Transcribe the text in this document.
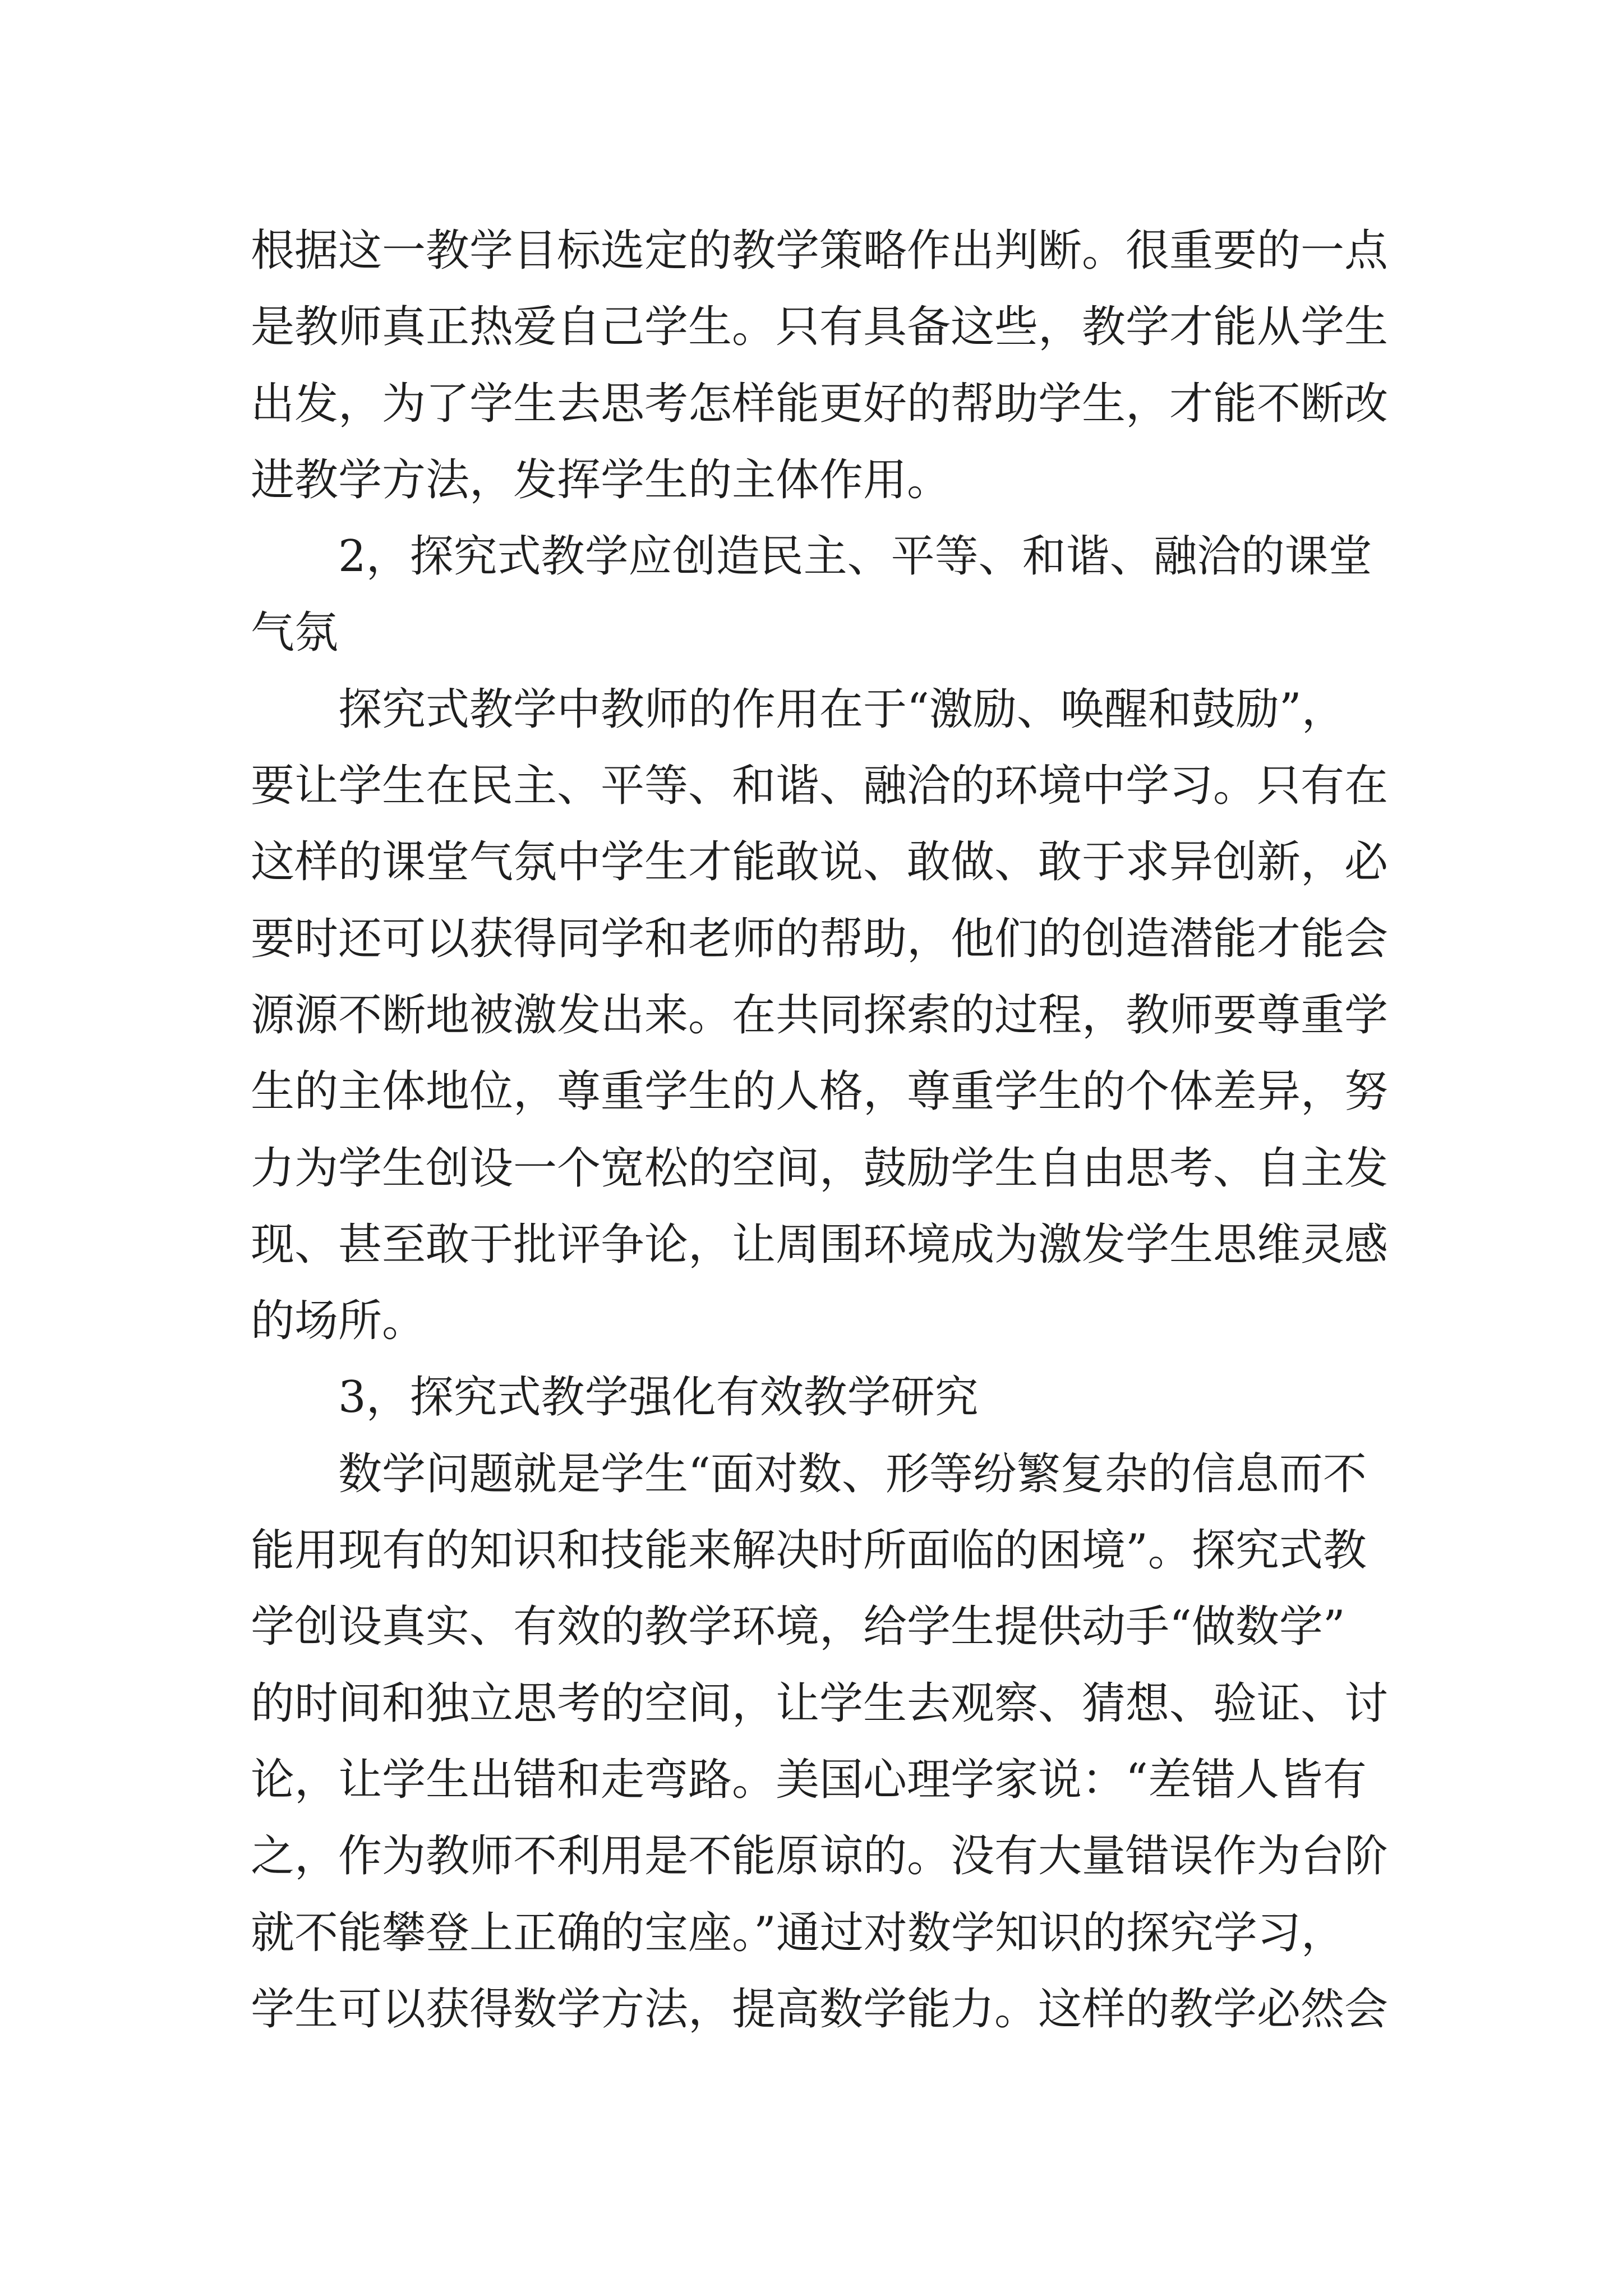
根据这一教学目标选定的教学策略作出判断。很重要的一点
是教师真正热爱自己学生。只有具备这些，教学才能从学生
出发，为了学生去思考怎样能更好的帮助学生，才能不断改
进教学方法，发挥学生的主体作用。
2，探究式教学应创造民主、平等、和谐、融洽的课堂
气氛
探究式教学中教师的作用在于“激励、唤醒和鼓励”，
要让学生在民主、平等、和谐、融洽的环境中学习。只有在
这样的课堂气氛中学生才能敢说、敢做、敢于求异创新，必
要时还可以获得同学和老师的帮助，他们的创造潜能才能会
源源不断地被激发出来。在共同探索的过程，教师要尊重学
生的主体地位，尊重学生的人格，尊重学生的个体差异，努
力为学生创设一个宽松的空间，鼓励学生自由思考、自主发
现、甚至敢于批评争论，让周围环境成为激发学生思维灵感
的场所。
3，探究式教学强化有效教学研究
数学问题就是学生“面对数、形等纷繁复杂的信息而不
能用现有的知识和技能来解决时所面临的困境”。探究式教
学创设真实、有效的教学环境，给学生提供动手“做数学”
的时间和独立思考的空间，让学生去观察、猜想、验证、讨
论，让学生出错和走弯路。美国心理学家说：“差错人皆有
之，作为教师不利用是不能原谅的。没有大量错误作为台阶
就不能攀登上正确的宝座。”通过对数学知识的探究学习，
学生可以获得数学方法，提高数学能力。这样的教学必然会
